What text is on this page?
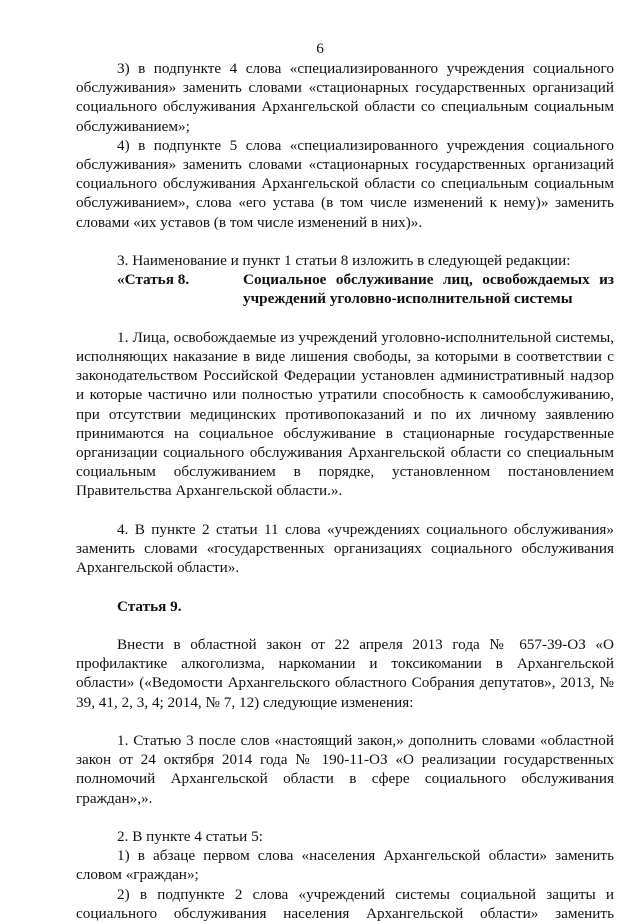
6

3) в подпункте 4 слова «специализированного учреждения социального обслуживания» заменить словами «стационарных государственных организаций социального обслуживания Архангельской области со специальным социальным обслуживанием»;

4) в подпункте 5 слова «специализированного учреждения социального обслуживания» заменить словами «стационарных государственных организаций социального обслуживания Архангельской области со специальным социальным обслуживанием», слова «его устава (в том числе изменений к нему)» заменить словами «их уставов (в том числе изменений в них)».

3. Наименование и пункт 1 статьи 8 изложить в следующей редакции:

«Статья 8.	Социальное обслуживание лиц, освобождаемых из учреждений уголовно-исполнительной системы

1. Лица, освобождаемые из учреждений уголовно-исполнительной системы, исполняющих наказание в виде лишения свободы, за которыми в соответствии с законодательством Российской Федерации установлен административный надзор и которые частично или полностью утратили способность к самообслуживанию, при отсутствии медицинских противопоказаний и по их личному заявлению принимаются на социальное обслуживание в стационарные государственные организации социального обслуживания Архангельской области со специальным социальным обслуживанием в порядке, установленном постановлением Правительства Архангельской области.».

4. В пункте 2 статьи 11 слова «учреждениях социального обслуживания» заменить словами «государственных организациях социального обслуживания Архангельской области».

Статья 9.

Внести в областной закон от 22 апреля 2013 года № 657-39-ОЗ «О профилактике алкоголизма, наркомании и токсикомании в Архангельской области» («Ведомости Архангельского областного Собрания депутатов», 2013, № 39, 41, 2, 3, 4; 2014, № 7, 12) следующие изменения:

1. Статью 3 после слов «настоящий закон,» дополнить словами «областной закон от 24 октября 2014 года № 190-11-ОЗ «О реализации государственных полномочий Архангельской области в сфере социального обслуживания граждан»,».

2. В пункте 4 статьи 5:

1) в абзаце первом слова «населения Архангельской области» заменить словом «граждан»;

2) в подпункте 2 слова «учреждений системы социальной защиты и социального обслуживания населения Архангельской области» заменить
